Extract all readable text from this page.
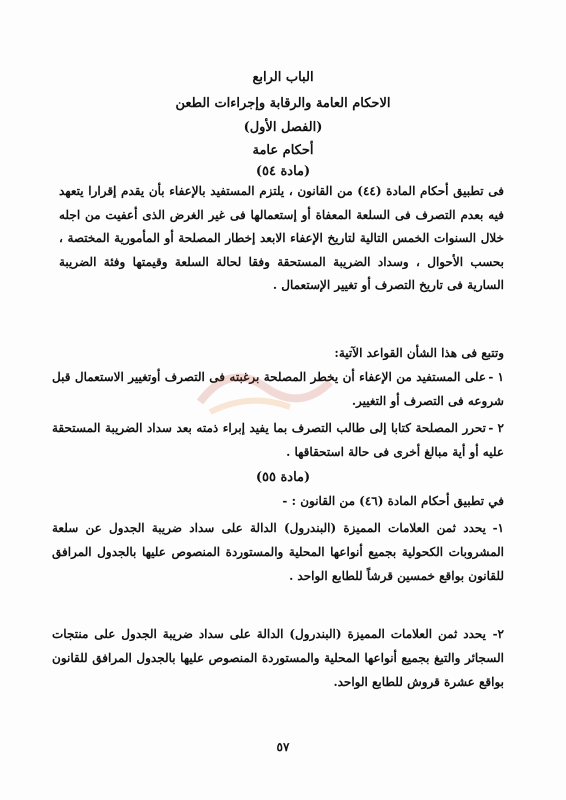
الباب الرابع
الاحكام العامة والرقابة وإجراءات الطعن
(الفصل الأول)
أحكام عامة
(مادة ٥٤)
فى تطبيق أحكام المادة (٤٤) من القانون ، يلتزم المستفيد بالإعفاء بأن يقدم إقرارا يتعهد فيه بعدم التصرف فى السلعة المعفاة أو إستعمالها فى غير الغرض الذى أعفيت من اجله خلال السنوات الخمس التالية لتاريخ الإعفاء الابعد إخطار المصلحة أو المأمورية المختصة ، بحسب الأحوال ، وسداد الضريبة المستحقة وفقا لحالة السلعة وقيمتها وفئة الضريبة السارية فى تاريخ التصرف أو تغيير الإستعمال .
وتتبع فى هذا الشأن القواعد الآتية:
١ -على المستفيد من الإعفاء أن يخطر المصلحة برغبته فى التصرف أوتغيير الاستعمال قبل شروعه فى التصرف أو التغيير.
٢ -تحرر المصلحة كتابا إلى طالب التصرف بما يفيد إبراء ذمته بعد سداد الضريبة المستحقة عليه أو أية مبالغ أخرى فى حالة استحقاقها .
(مادة ٥٥)
في تطبيق أحكام المادة (٤٦) من القانون : -
١-يحدد ثمن العلامات المميزة (البندرول) الدالة على سداد ضريبة الجدول عن سلعة المشروبات الكحولية بجميع أنواعها المحلية والمستوردة المنصوص عليها بالجدول المرافق للقانون بواقع خمسين قرشاً للطابع الواحد .
٢-يحدد ثمن العلامات المميزة (البندرول) الدالة على سداد ضريبة الجدول على منتجات السجائر والتبغ بجميع أنواعها المحلية والمستوردة المنصوص عليها بالجدول المرافق للقانون بواقع عشرة قروش للطابع الواحد.
٥٧
